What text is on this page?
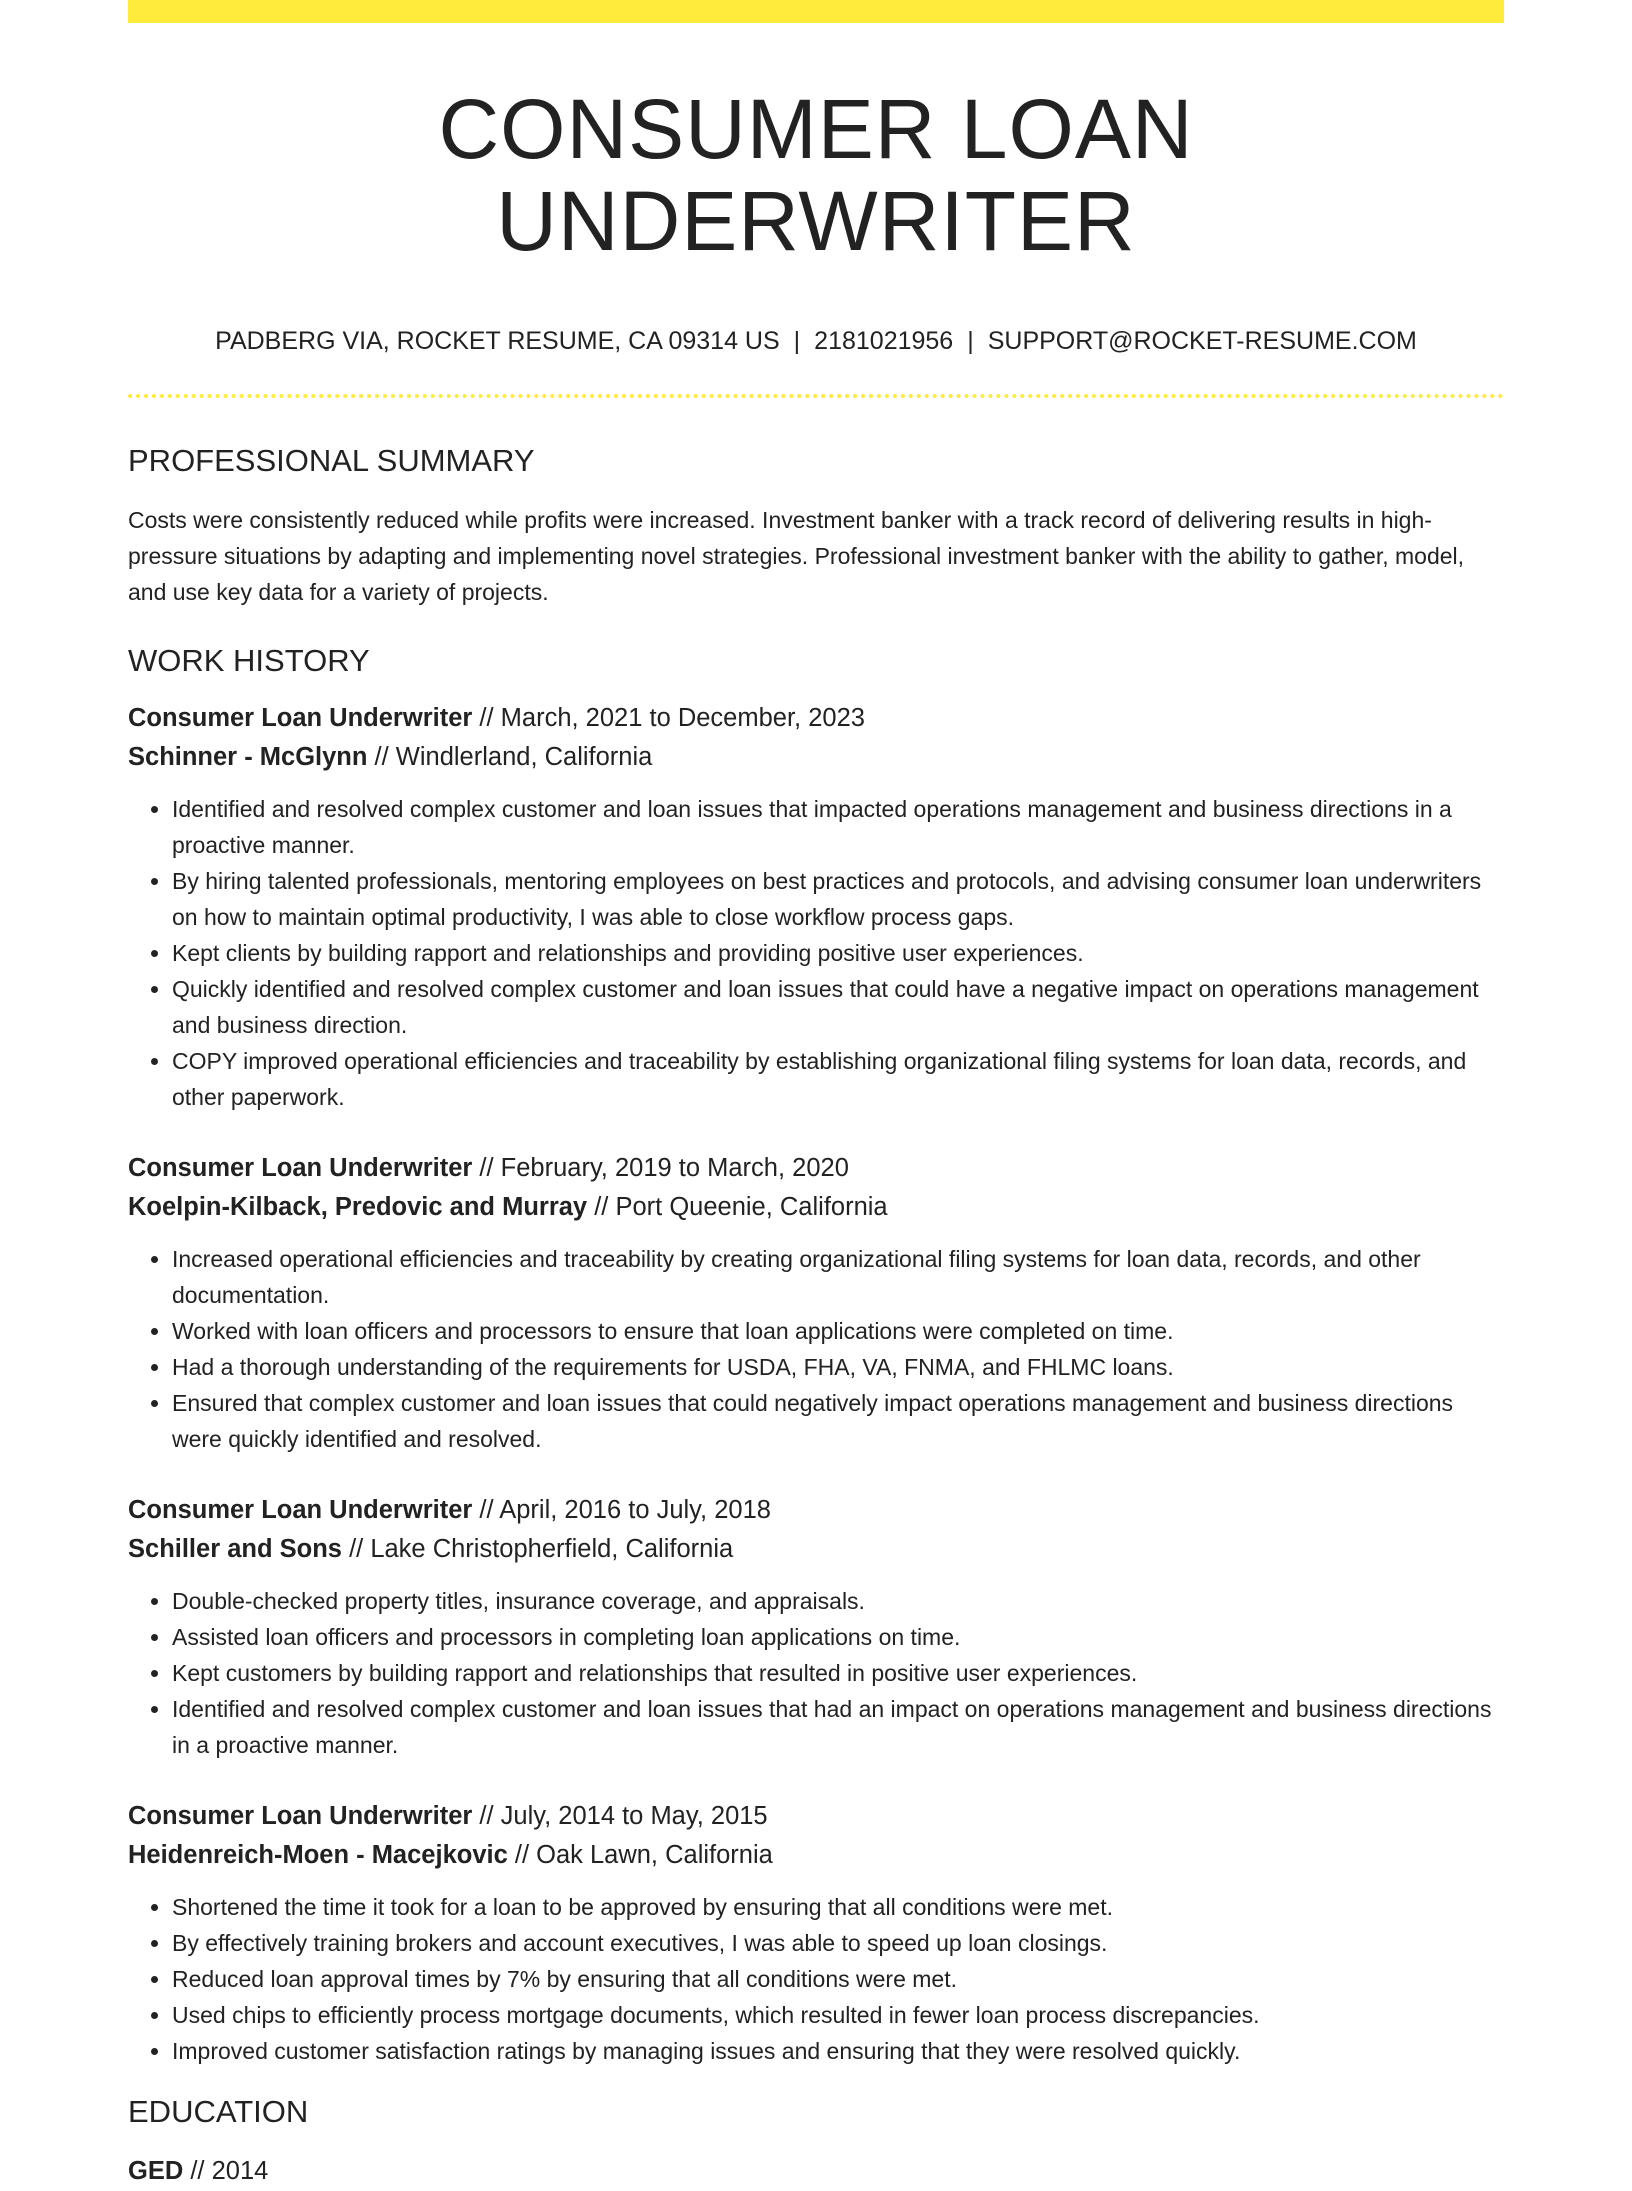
CONSUMER LOAN UNDERWRITER
PADBERG VIA, ROCKET RESUME, CA 09314 US | 2181021956 | SUPPORT@ROCKET-RESUME.COM
PROFESSIONAL SUMMARY

Costs were consistently reduced while profits were increased. Investment banker with a track record of delivering results in high-pressure situations by adapting and implementing novel strategies. Professional investment banker with the ability to gather, model, and use key data for a variety of projects.

WORK HISTORY
Consumer Loan Underwriter // March, 2021 to December, 2023
Schinner - McGlynn // Windlerland, California
• Identified and resolved complex customer and loan issues that impacted operations management and business directions in a proactive manner.
• By hiring talented professionals, mentoring employees on best practices and protocols, and advising consumer loan underwriters on how to maintain optimal productivity, I was able to close workflow process gaps.
• Kept clients by building rapport and relationships and providing positive user experiences.
• Quickly identified and resolved complex customer and loan issues that could have a negative impact on operations management and business direction.
• COPY improved operational efficiencies and traceability by establishing organizational filing systems for loan data, records, and other paperwork.
Consumer Loan Underwriter // February, 2019 to March, 2020
Koelpin-Kilback, Predovic and Murray // Port Queenie, California
• Increased operational efficiencies and traceability by creating organizational filing systems for loan data, records, and other documentation.
• Worked with loan officers and processors to ensure that loan applications were completed on time.
• Had a thorough understanding of the requirements for USDA, FHA, VA, FNMA, and FHLMC loans.
• Ensured that complex customer and loan issues that could negatively impact operations management and business directions were quickly identified and resolved.
Consumer Loan Underwriter // April, 2016 to July, 2018
Schiller and Sons // Lake Christopherfield, California
• Double-checked property titles, insurance coverage, and appraisals.
• Assisted loan officers and processors in completing loan applications on time.
• Kept customers by building rapport and relationships that resulted in positive user experiences.
• Identified and resolved complex customer and loan issues that had an impact on operations management and business directions in a proactive manner.
Consumer Loan Underwriter // July, 2014 to May, 2015
Heidenreich-Moen - Macejkovic // Oak Lawn, California
• Shortened the time it took for a loan to be approved by ensuring that all conditions were met.
• By effectively training brokers and account executives, I was able to speed up loan closings.
• Reduced loan approval times by 7% by ensuring that all conditions were met.
• Used chips to efficiently process mortgage documents, which resulted in fewer loan process discrepancies.
• Improved customer satisfaction ratings by managing issues and ensuring that they were resolved quickly.
EDUCATION
GED // 2014
